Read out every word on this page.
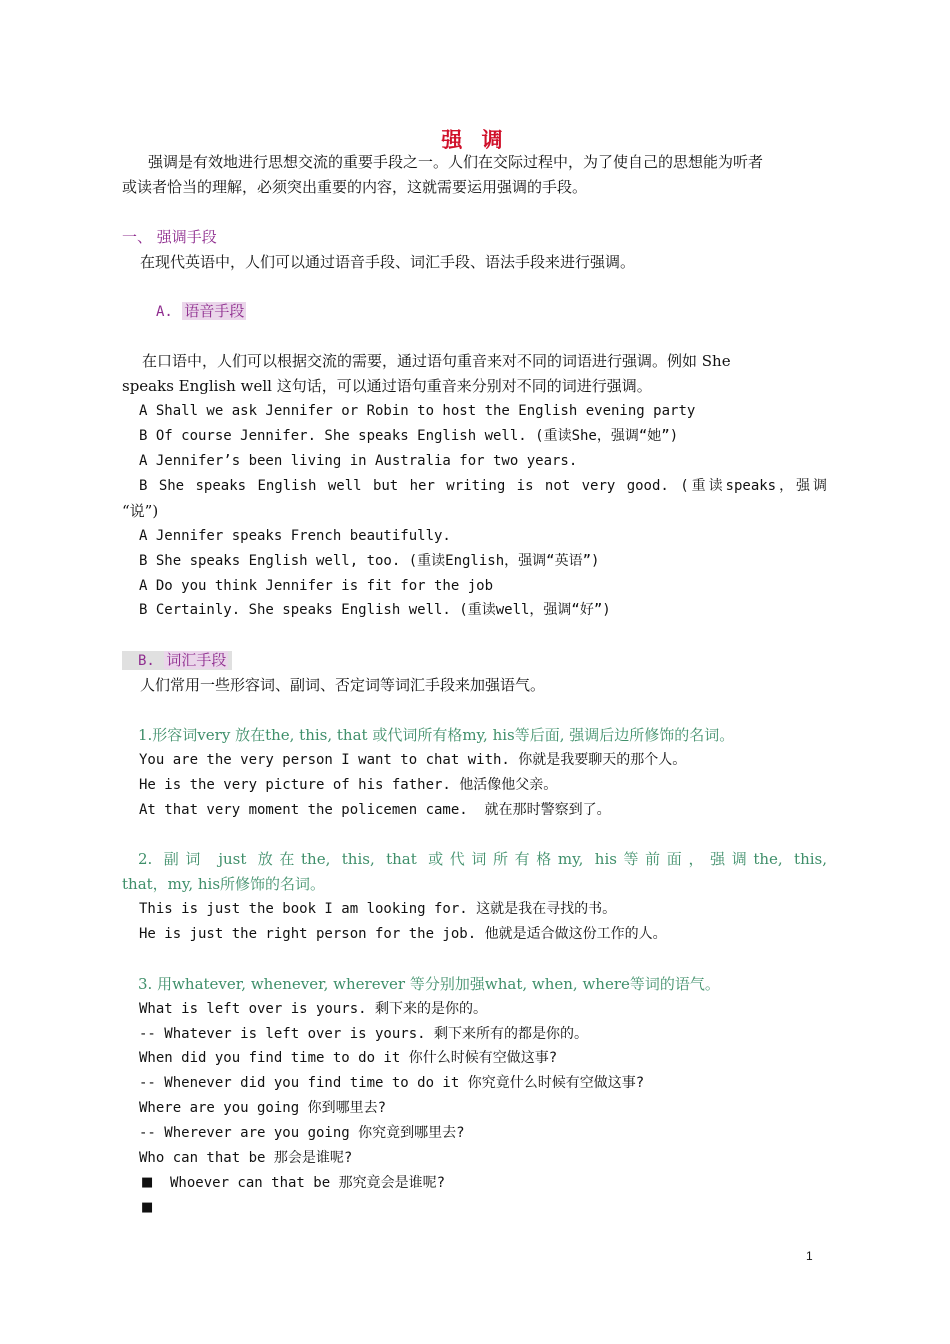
强 调
强调是有效地进行思想交流的重要手段之一。人们在交际过程中，为了使自己的思想能为听者
或读者恰当的理解，必须突出重要的内容，这就需要运用强调的手段。
一、 强调手段
在现代英语中，人们可以通过语音手段、词汇手段、语法手段来进行强调。
A. 语音手段
在口语中，人们可以根据交流的需要，通过语句重音来对不同的词语进行强调。例如 She
speaks English well 这句话，可以通过语句重音来分别对不同的词进行强调。
A Shall we ask Jennifer or Robin to host the English evening party
B Of course Jennifer. She speaks English well. (重读She，强调“她”)
A Jennifer’s been living in Australia for two years.
B She speaks English well but her writing is not very good. (重读speaks，强调
“说”)
A Jennifer speaks French beautifully.
B She speaks English well, too. (重读English，强调“英语”)
A Do you think Jennifer is fit for the job
B Certainly. She speaks English well. (重读well，强调“好”)
B. 词汇手段
人们常用一些形容词、副词、否定词等词汇手段来加强语气。
1.形容词very 放在the, this, that 或代词所有格my, his等后面, 强调后边所修饰的名词。
You are the very person I want to chat with. 你就是我要聊天的那个人。
He is the very picture of his father. 他活像他父亲。
At that very moment the policemen came.  就在那时警察到了。
2. 副词 just 放在the, this, that 或代词所有格my, his等前面，强调the, this,
that，my, his所修饰的名词。
This is just the book I am looking for. 这就是我在寻找的书。
He is just the right person for the job. 他就是适合做这份工作的人。
3. 用whatever, whenever, wherever 等分别加强what, when, where等词的语气。
What is left over is yours. 剩下来的是你的。
-- Whatever is left over is yours. 剩下来所有的都是你的。
When did you find time to do it 你什么时候有空做这事?
-- Whenever did you find time to do it 你究竟什么时候有空做这事?
Where are you going 你到哪里去?
-- Wherever are you going 你究竟到哪里去?
Who can that be 那会是谁呢?
■ Whoever can that be 那究竟会是谁呢?
■
1
